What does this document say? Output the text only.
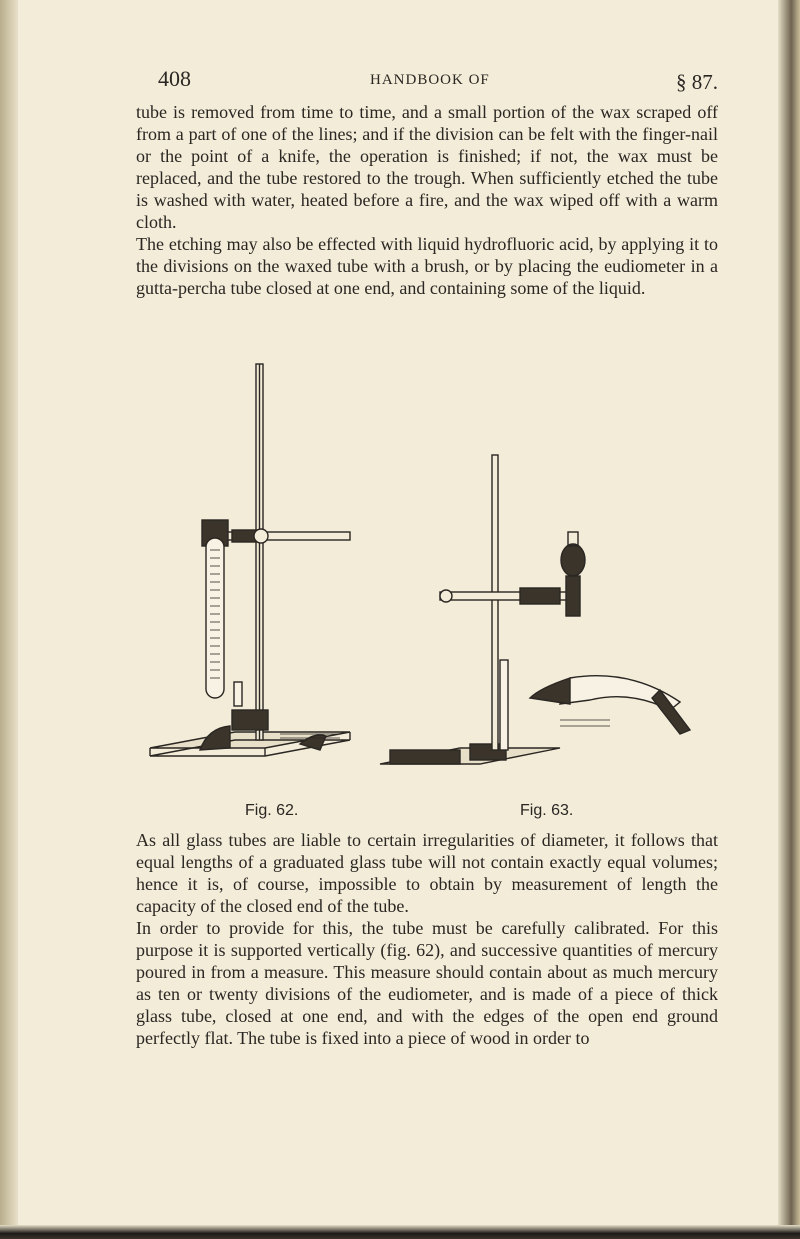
408	HANDBOOK OF	§ 87.

tube is removed from time to time, and a small portion of the wax scraped off from a part of one of the lines; and if the division can be felt with the finger-nail or the point of a knife, the operation is finished; if not, the wax must be replaced, and the tube restored to the trough. When sufficiently etched the tube is washed with water, heated before a fire, and the wax wiped off with a warm cloth.

The etching may also be effected with liquid hydrofluoric acid, by applying it to the divisions on the waxed tube with a brush, or by placing the eudiometer in a gutta-percha tube closed at one end, and containing some of the liquid.

Fig. 62.	Fig. 63.

As all glass tubes are liable to certain irregularities of diameter, it follows that equal lengths of a graduated glass tube will not contain exactly equal volumes; hence it is, of course, impossible to obtain by measurement of length the capacity of the closed end of the tube.

In order to provide for this, the tube must be carefully calibrated. For this purpose it is supported vertically (fig. 62), and successive quantities of mercury poured in from a measure. This measure should contain about as much mercury as ten or twenty divisions of the eudiometer, and is made of a piece of thick glass tube, closed at one end, and with the edges of the open end ground perfectly flat. The tube is fixed into a piece of wood in order to
